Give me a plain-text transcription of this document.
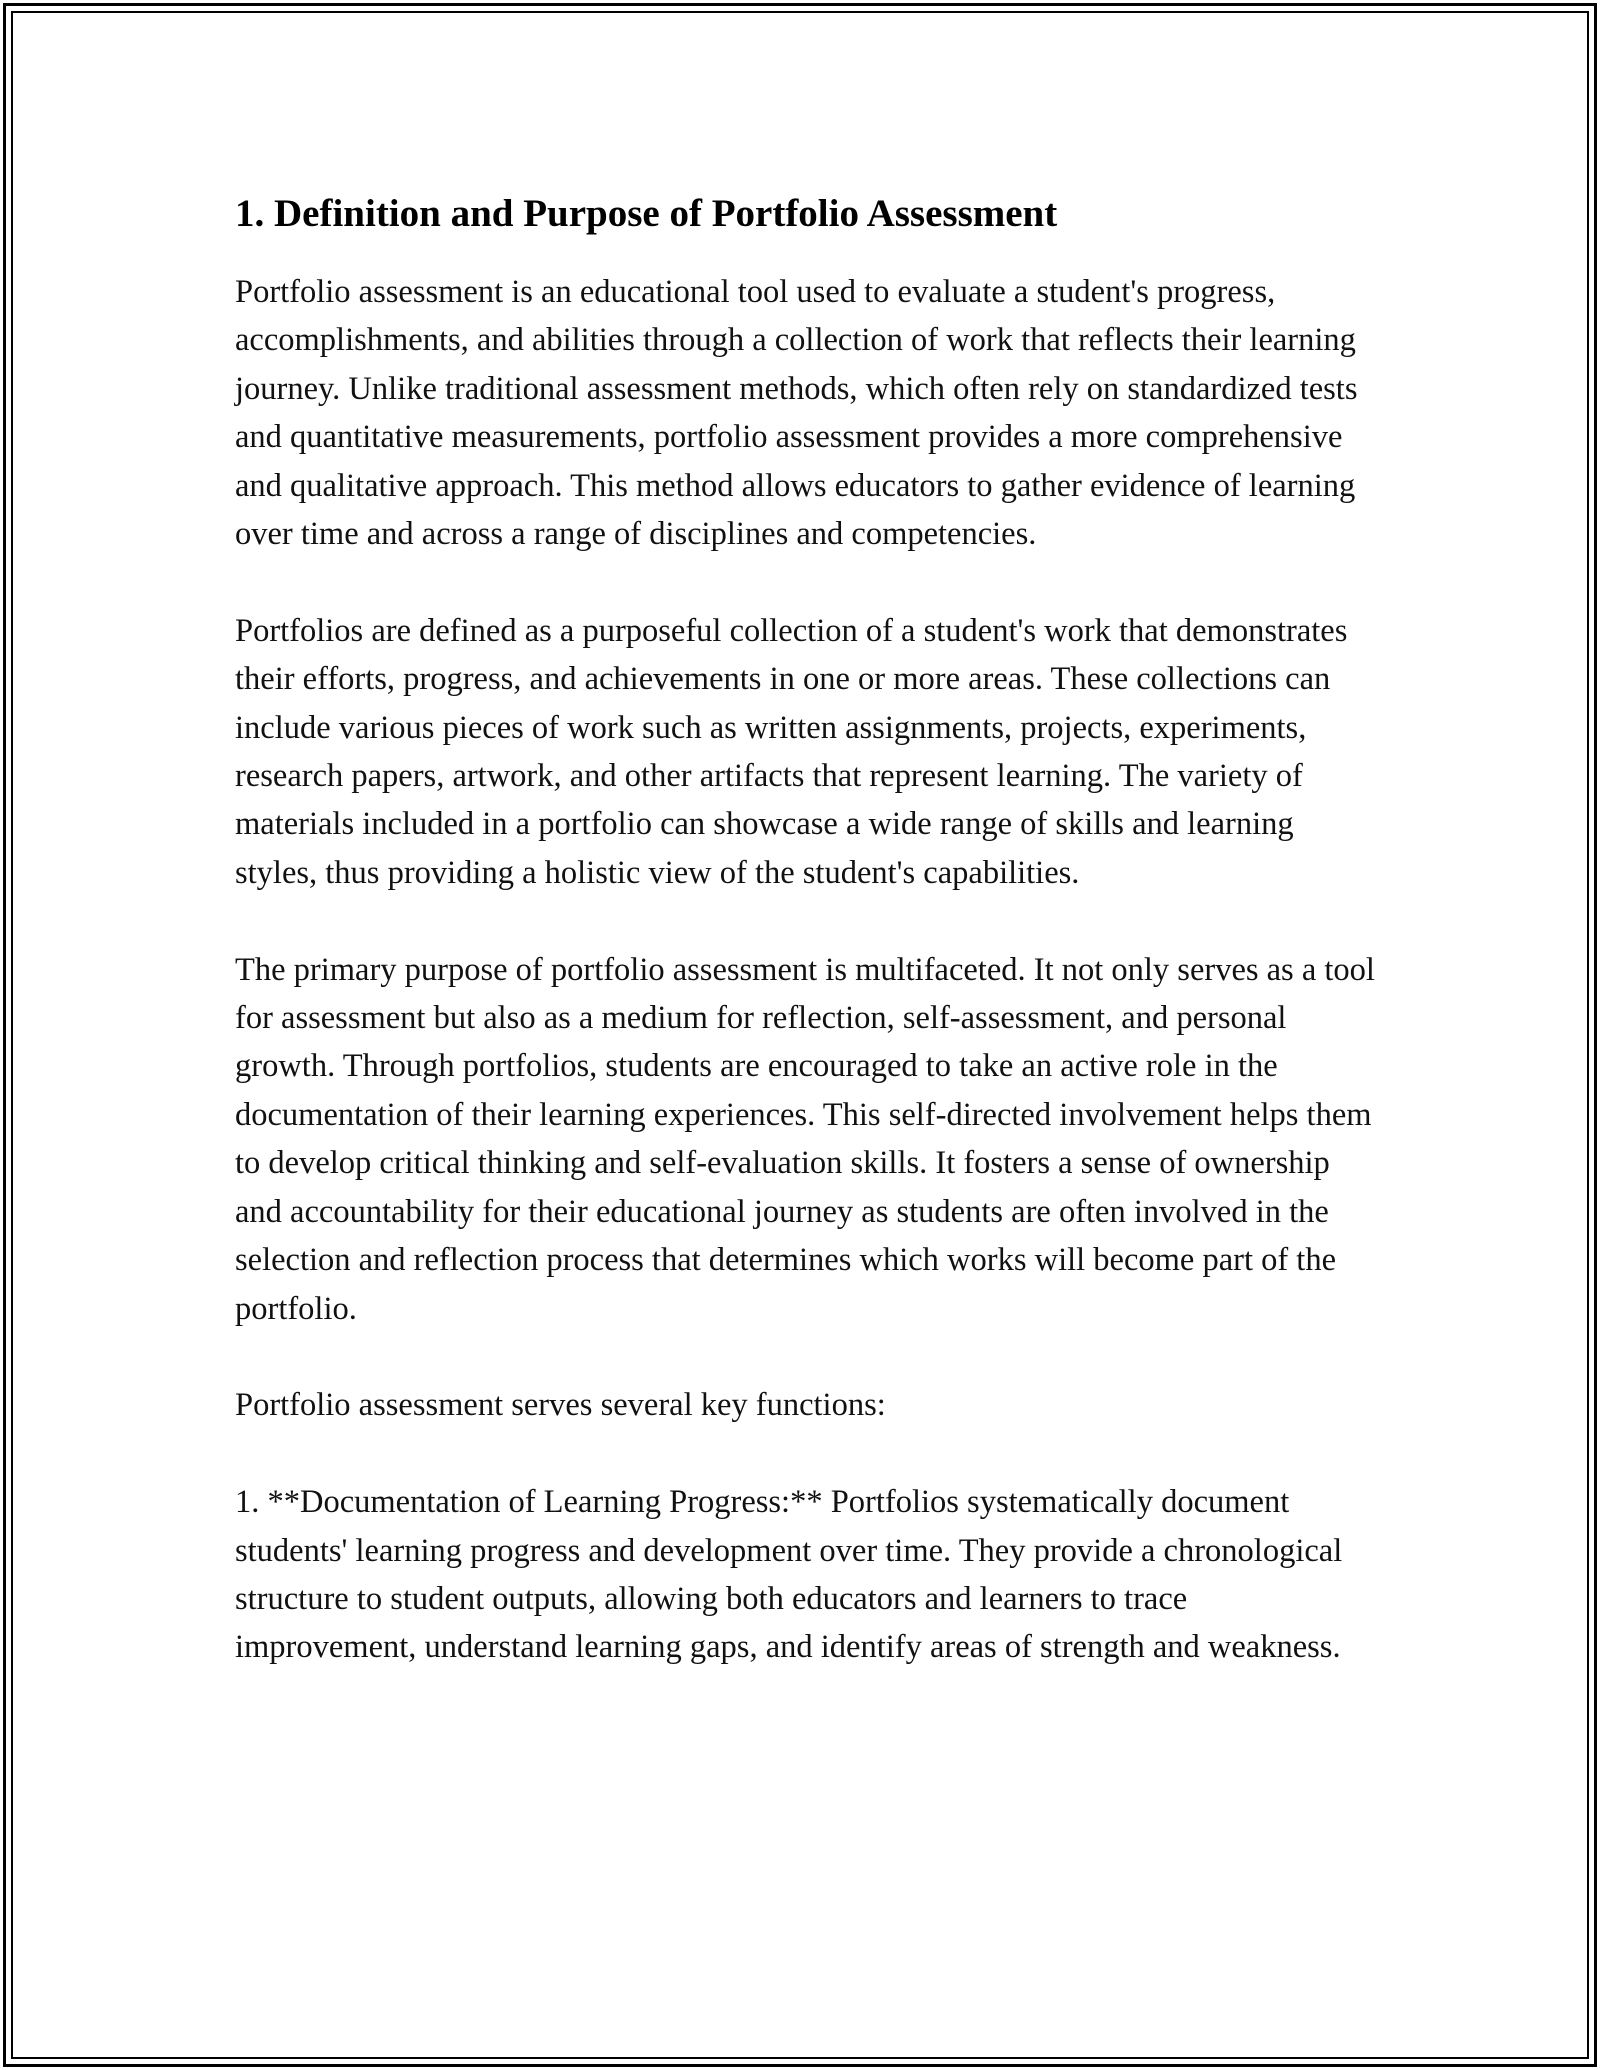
1. Definition and Purpose of Portfolio Assessment

Portfolio assessment is an educational tool used to evaluate a student's progress, accomplishments, and abilities through a collection of work that reflects their learning journey. Unlike traditional assessment methods, which often rely on standardized tests and quantitative measurements, portfolio assessment provides a more comprehensive and qualitative approach. This method allows educators to gather evidence of learning over time and across a range of disciplines and competencies.

Portfolios are defined as a purposeful collection of a student's work that demonstrates their efforts, progress, and achievements in one or more areas. These collections can include various pieces of work such as written assignments, projects, experiments, research papers, artwork, and other artifacts that represent learning. The variety of materials included in a portfolio can showcase a wide range of skills and learning styles, thus providing a holistic view of the student's capabilities.

The primary purpose of portfolio assessment is multifaceted. It not only serves as a tool for assessment but also as a medium for reflection, self-assessment, and personal growth. Through portfolios, students are encouraged to take an active role in the documentation of their learning experiences. This self-directed involvement helps them to develop critical thinking and self-evaluation skills. It fosters a sense of ownership and accountability for their educational journey as students are often involved in the selection and reflection process that determines which works will become part of the portfolio.

Portfolio assessment serves several key functions:

1. **Documentation of Learning Progress:** Portfolios systematically document students' learning progress and development over time. They provide a chronological structure to student outputs, allowing both educators and learners to trace improvement, understand learning gaps, and identify areas of strength and weakness.
